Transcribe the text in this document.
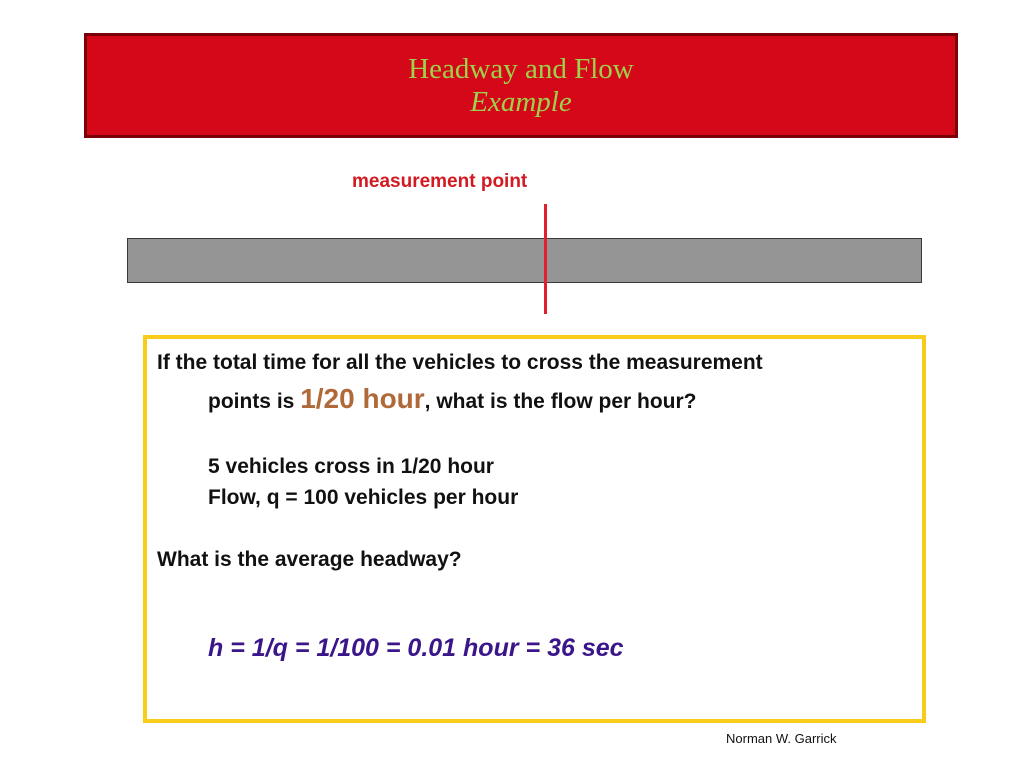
Headway and Flow
Example
measurement point
If the total time for all the vehicles to cross the measurement
points is 1/20 hour, what is the flow per hour?
5 vehicles cross in 1/20 hour
Flow, q = 100 vehicles per hour
What is the average headway?
h = 1/q = 1/100 = 0.01 hour = 36 sec
Norman W. Garrick
